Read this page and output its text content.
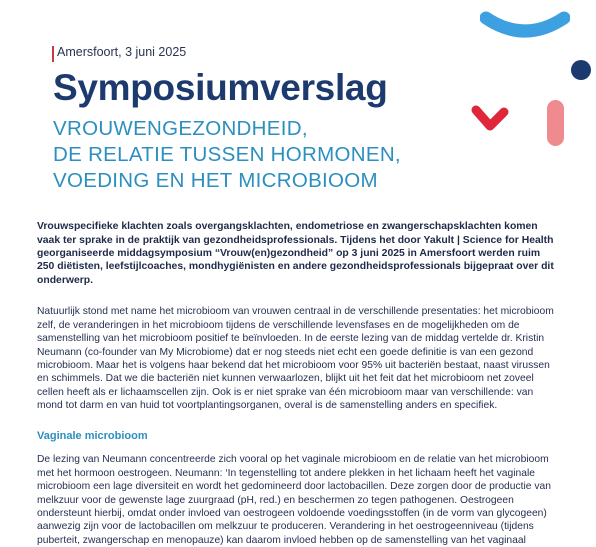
Amersfoort, 3 juni 2025
Symposiumverslag
VROUWENGEZONDHEID,
DE RELATIE TUSSEN HORMONEN,
VOEDING EN HET MICROBIOOM

Vrouwspecifieke klachten zoals overgangsklachten, endometriose en zwangerschapsklachten komen vaak ter sprake in de praktijk van gezondheidsprofessionals. Tijdens het door Yakult | Science for Health georganiseerde middagsymposium “Vrouw(en)gezondheid” op 3 juni 2025 in Amersfoort werden ruim 250 diëtisten, leefstijlcoaches, mondhygiënisten en andere gezondheidsprofessionals bijgepraat over dit onderwerp.

Natuurlijk stond met name het microbioom van vrouwen centraal in de verschillende presentaties: het microbioom zelf, de veranderingen in het microbioom tijdens de verschillende levensfases en de mogelijkheden om de samenstelling van het microbioom positief te beïnvloeden. In de eerste lezing van de middag vertelde dr. Kristin Neumann (co-founder van My Microbiome) dat er nog steeds niet echt een goede definitie is van een gezond microbioom. Maar het is volgens haar bekend dat het microbioom voor 95% uit bacteriën bestaat, naast virussen en schimmels. Dat we die bacteriën niet kunnen verwaarlozen, blijkt uit het feit dat het microbioom net zoveel cellen heeft als er lichaamscellen zijn. Ook is er niet sprake van één microbioom maar van verschillende: van mond tot darm en van huid tot voortplantingsorganen, overal is de samenstelling anders en specifiek.

Vaginale microbioom

De lezing van Neumann concentreerde zich vooral op het vaginale microbioom en de relatie van het microbioom met het hormoon oestrogeen. Neumann: ‘In tegenstelling tot andere plekken in het lichaam heeft het vaginale microbioom een lage diversiteit en wordt het gedomineerd door lactobacillen. Deze zorgen door de productie van melkzuur voor de gewenste lage zuurgraad (pH, red.) en beschermen zo tegen pathogenen. Oestrogeen ondersteunt hierbij, omdat onder invloed van oestrogeen voldoende voedingsstoffen (in de vorm van glycogeen) aanwezig zijn voor de lactobacillen om melkzuur te produceren. Verandering in het oestrogeenniveau (tijdens puberteit, zwangerschap en menopauze) kan daarom invloed hebben op de samenstelling van het vaginaal
